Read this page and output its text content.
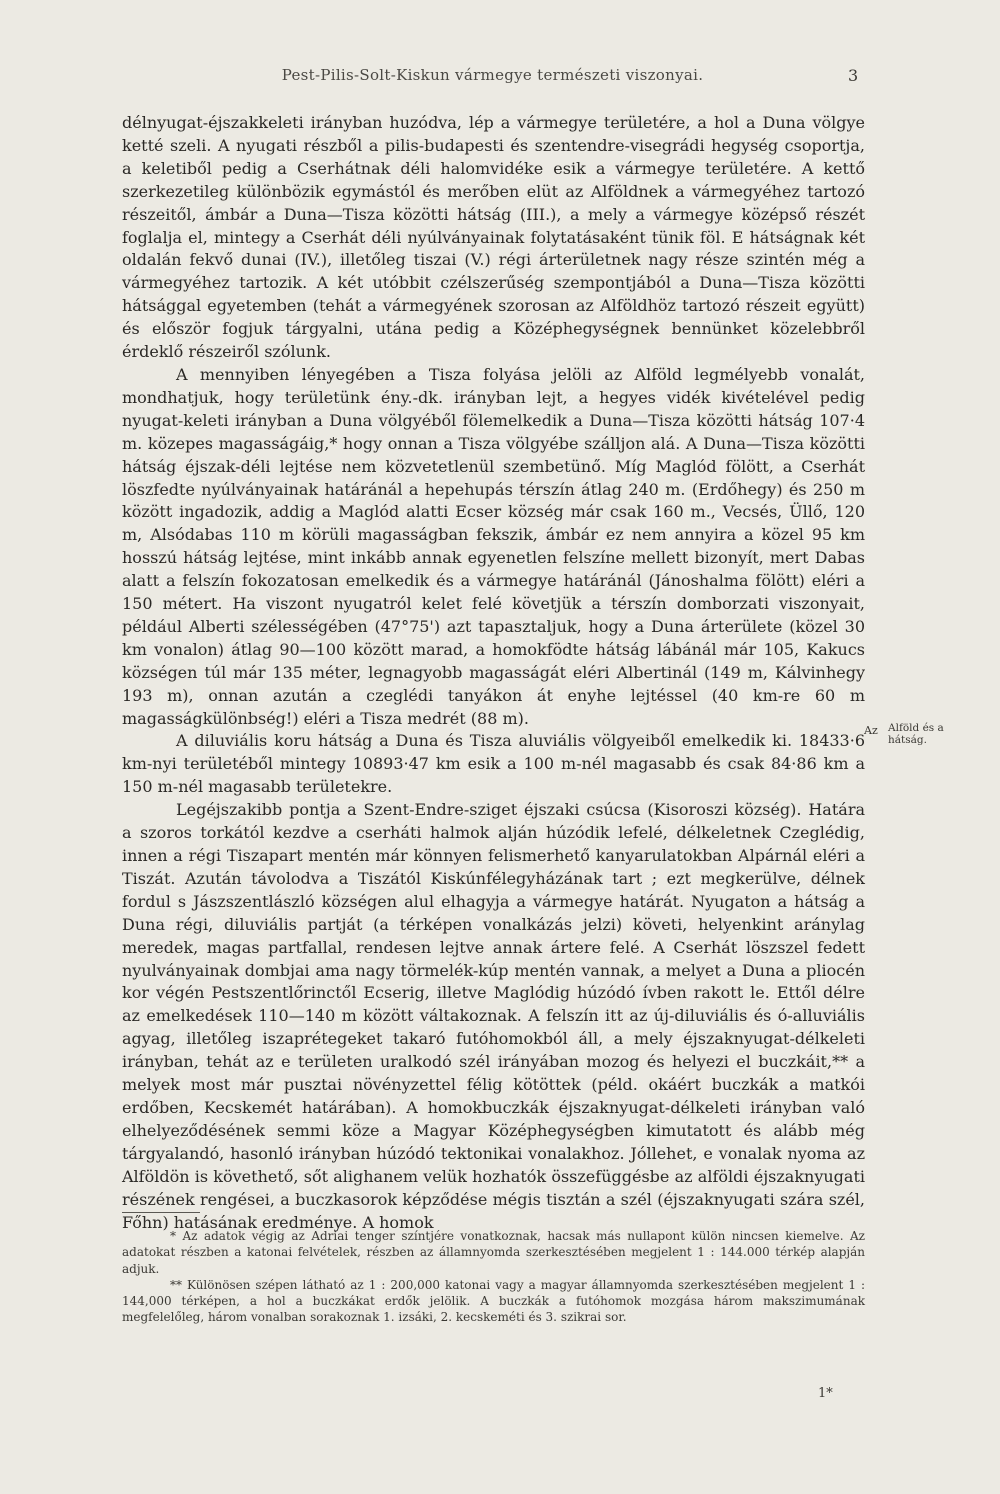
Pest-Pilis-Solt-Kiskun vármegye természeti viszonyai.	3

délnyugat-éjszakkeleti irányban huzódva, lép a vármegye területére, a hol a Duna völgye ketté szeli. A nyugati részből a pilis-budapesti és szentendre-visegrádi hegység csoportja, a keletiből pedig a Cserhátnak déli halomvidéke esik a vármegye területére. A kettő szerkezetileg különbözik egymástól és merőben elüt az Alföldnek a vármegyéhez tartozó részeitől, ámbár a Duna—Tisza közötti hátság (III.), a mely a vármegye középső részét foglalja el, mintegy a Cserhát déli nyúlványainak folytatásaként tünik föl. E hátságnak két oldalán fekvő dunai (IV.), illetőleg tiszai (V.) régi árterületnek nagy része szintén még a vármegyéhez tartozik. A két utóbbit czélszerűség szempontjából a Duna—Tisza közötti hátsággal egyetemben (tehát a vármegyének szorosan az Alföldhöz tartozó részeit együtt) és először fogjuk tárgyalni, utána pedig a Középhegységnek bennünket közelebbről érdeklő részeiről szólunk.

A mennyiben lényegében a Tisza folyása jelöli az Alföld legmélyebb vonalát, mondhatjuk, hogy területünk ény.-dk. irányban lejt, a hegyes vidék kivételével pedig nyugat-keleti irányban a Duna völgyéből fölemelkedik a Duna—Tisza közötti hátság 107·4 m. közepes magasságáig,* hogy onnan a Tisza völgyébe szálljon alá. A Duna—Tisza közötti hátság éjszak-déli lejtése nem közvetetlenül szembetünő. Míg Maglód fölött, a Cserhát löszfedte nyúlványainak határánál a hepehupás térszín átlag 240 m. (Erdőhegy) és 250 m között ingadozik, addig a Maglód alatti Ecser község már csak 160 m., Vecsés, Üllő, 120 m, Alsódabas 110 m körüli magasságban fekszik, ámbár ez nem annyira a közel 95 km hosszú hátság lejtése, mint inkább annak egyenetlen felszíne mellett bizonyít, mert Dabas alatt a felszín fokozatosan emelkedik és a vármegye határánál (Jánoshalma fölött) eléri a 150 métert. Ha viszont nyugatról kelet felé követjük a térszín domborzati viszonyait, például Alberti szélességében (47°75') azt tapasztaljuk, hogy a Duna árterülete (közel 30 km vonalon) átlag 90—100 között marad, a homokfödte hátság lábánál már 105, Kakucs községen túl már 135 méter, legnagyobb magasságát eléri Albertinál (149 m, Kálvinhegy 193 m), onnan azután a czeglédi tanyákon át enyhe lejtéssel (40 km-re 60 m magasságkülönbség!) eléri a Tisza medrét (88 m).

A diluviális koru hátság a Duna és Tisza aluviális völgyeiből emelkedik ki. 18433·6 km-nyi területéből mintegy 10893·47 km esik a 100 m-nél magasabb és csak 84·86 km a 150 m-nél magasabb területekre.

Legéjszakibb pontja a Szent-Endre-sziget éjszaki csúcsa (Kisoroszi község). Határa a szoros torkától kezdve a cserháti halmok alján húzódik lefelé, délkeletnek Czeglédig, innen a régi Tiszapart mentén már könnyen felismerhető kanyarulatokban Alpárnál eléri a Tiszát. Azután távolodva a Tiszától Kiskúnfélegyházának tart ; ezt megkerülve, délnek fordul s Jászszentlászló községen alul elhagyja a vármegye határát. Nyugaton a hátság a Duna régi, diluviális partját (a térképen vonalkázás jelzi) követi, helyenkint aránylag meredek, magas partfallal, rendesen lejtve annak ártere felé. A Cserhát löszszel fedett nyulványainak dombjai ama nagy törmelék-kúp mentén vannak, a melyet a Duna a pliocén kor végén Pestszentlőrinctől Ecserig, illetve Maglódig húzódó ívben rakott le. Ettől délre az emelkedések 110—140 m között váltakoznak. A felszín itt az új-diluviális és ó-alluviális agyag, illetőleg iszaprétegeket takaró futóhomokból áll, a mely éjszaknyugat-délkeleti irányban, tehát az e területen uralkodó szél irányában mozog és helyezi el buczkáit,** a melyek most már pusztai növényzettel félig kötöttek (péld. okáért buczkák a matkói erdőben, Kecskemét határában). A homokbuczkák éjszaknyugat-délkeleti irányban való elhelyeződésének semmi köze a Magyar Középhegységben kimutatott és alább még tárgyalandó, hasonló irányban húzódó tektonikai vonalakhoz. Jóllehet, e vonalak nyoma az Alföldön is követhető, sőt alighanem velük hozhatók összefüggésbe az alföldi éjszaknyugati részének rengései, a buczkasorok képződése mégis tisztán a szél (éjszaknyugati szára szél, Főhn) hatásának eredménye. A homok

Az Alföld és a hátság.

* Az adatok végig az Adriai tenger színtjére vonatkoznak, hacsak más nullapont külön nincsen kiemelve. Az adatokat részben a katonai felvételek, részben az államnyomda szerkesztésében megjelent 1 : 144.000 térkép alapján adjuk.

** Különösen szépen látható az 1 : 200,000 katonai vagy a magyar államnyomda szerkesztésében megjelent 1 : 144,000 térképen, a hol a buczkákat erdők jelölik. A buczkák a futóhomok mozgása három makszimumának megfelelőleg, három vonalban sorakoznak 1. izsáki, 2. kecskeméti és 3. szikrai sor.

1*
